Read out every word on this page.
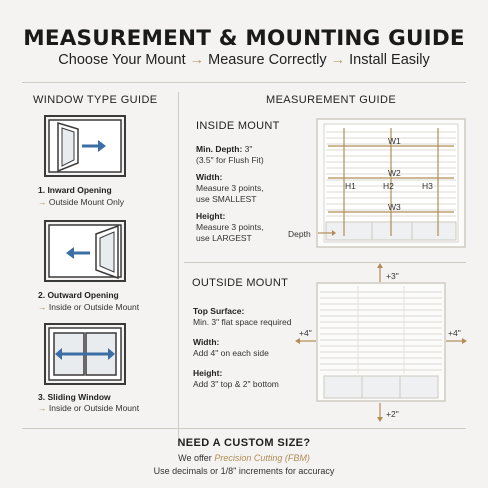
MEASUREMENT & MOUNTING GUIDE
Choose Your Mount → Measure Correctly → Install Easily
WINDOW TYPE GUIDE
1. Inward Opening
→ Outside Mount Only
2. Outward Opening
→ Inside or Outside Mount
3. Sliding Window
→ Inside or Outside Mount
MEASUREMENT GUIDE
INSIDE MOUNT
Min. Depth: 3"
(3.5" for Flush Fit)
Width:
Measure 3 points,
use SMALLEST
Height:
Measure 3 points,
use LARGEST
W1
W2
W3
H1	H2	H3
Depth
OUTSIDE MOUNT
Top Surface:
Min. 3" flat space required
Width:
Add 4" on each side
Height:
Add 3" top & 2" bottom
+3"
+2"
+4"	+4"
NEED A CUSTOM SIZE?
We offer Precision Cutting (FBM)
Use decimals or 1/8" increments for accuracy
